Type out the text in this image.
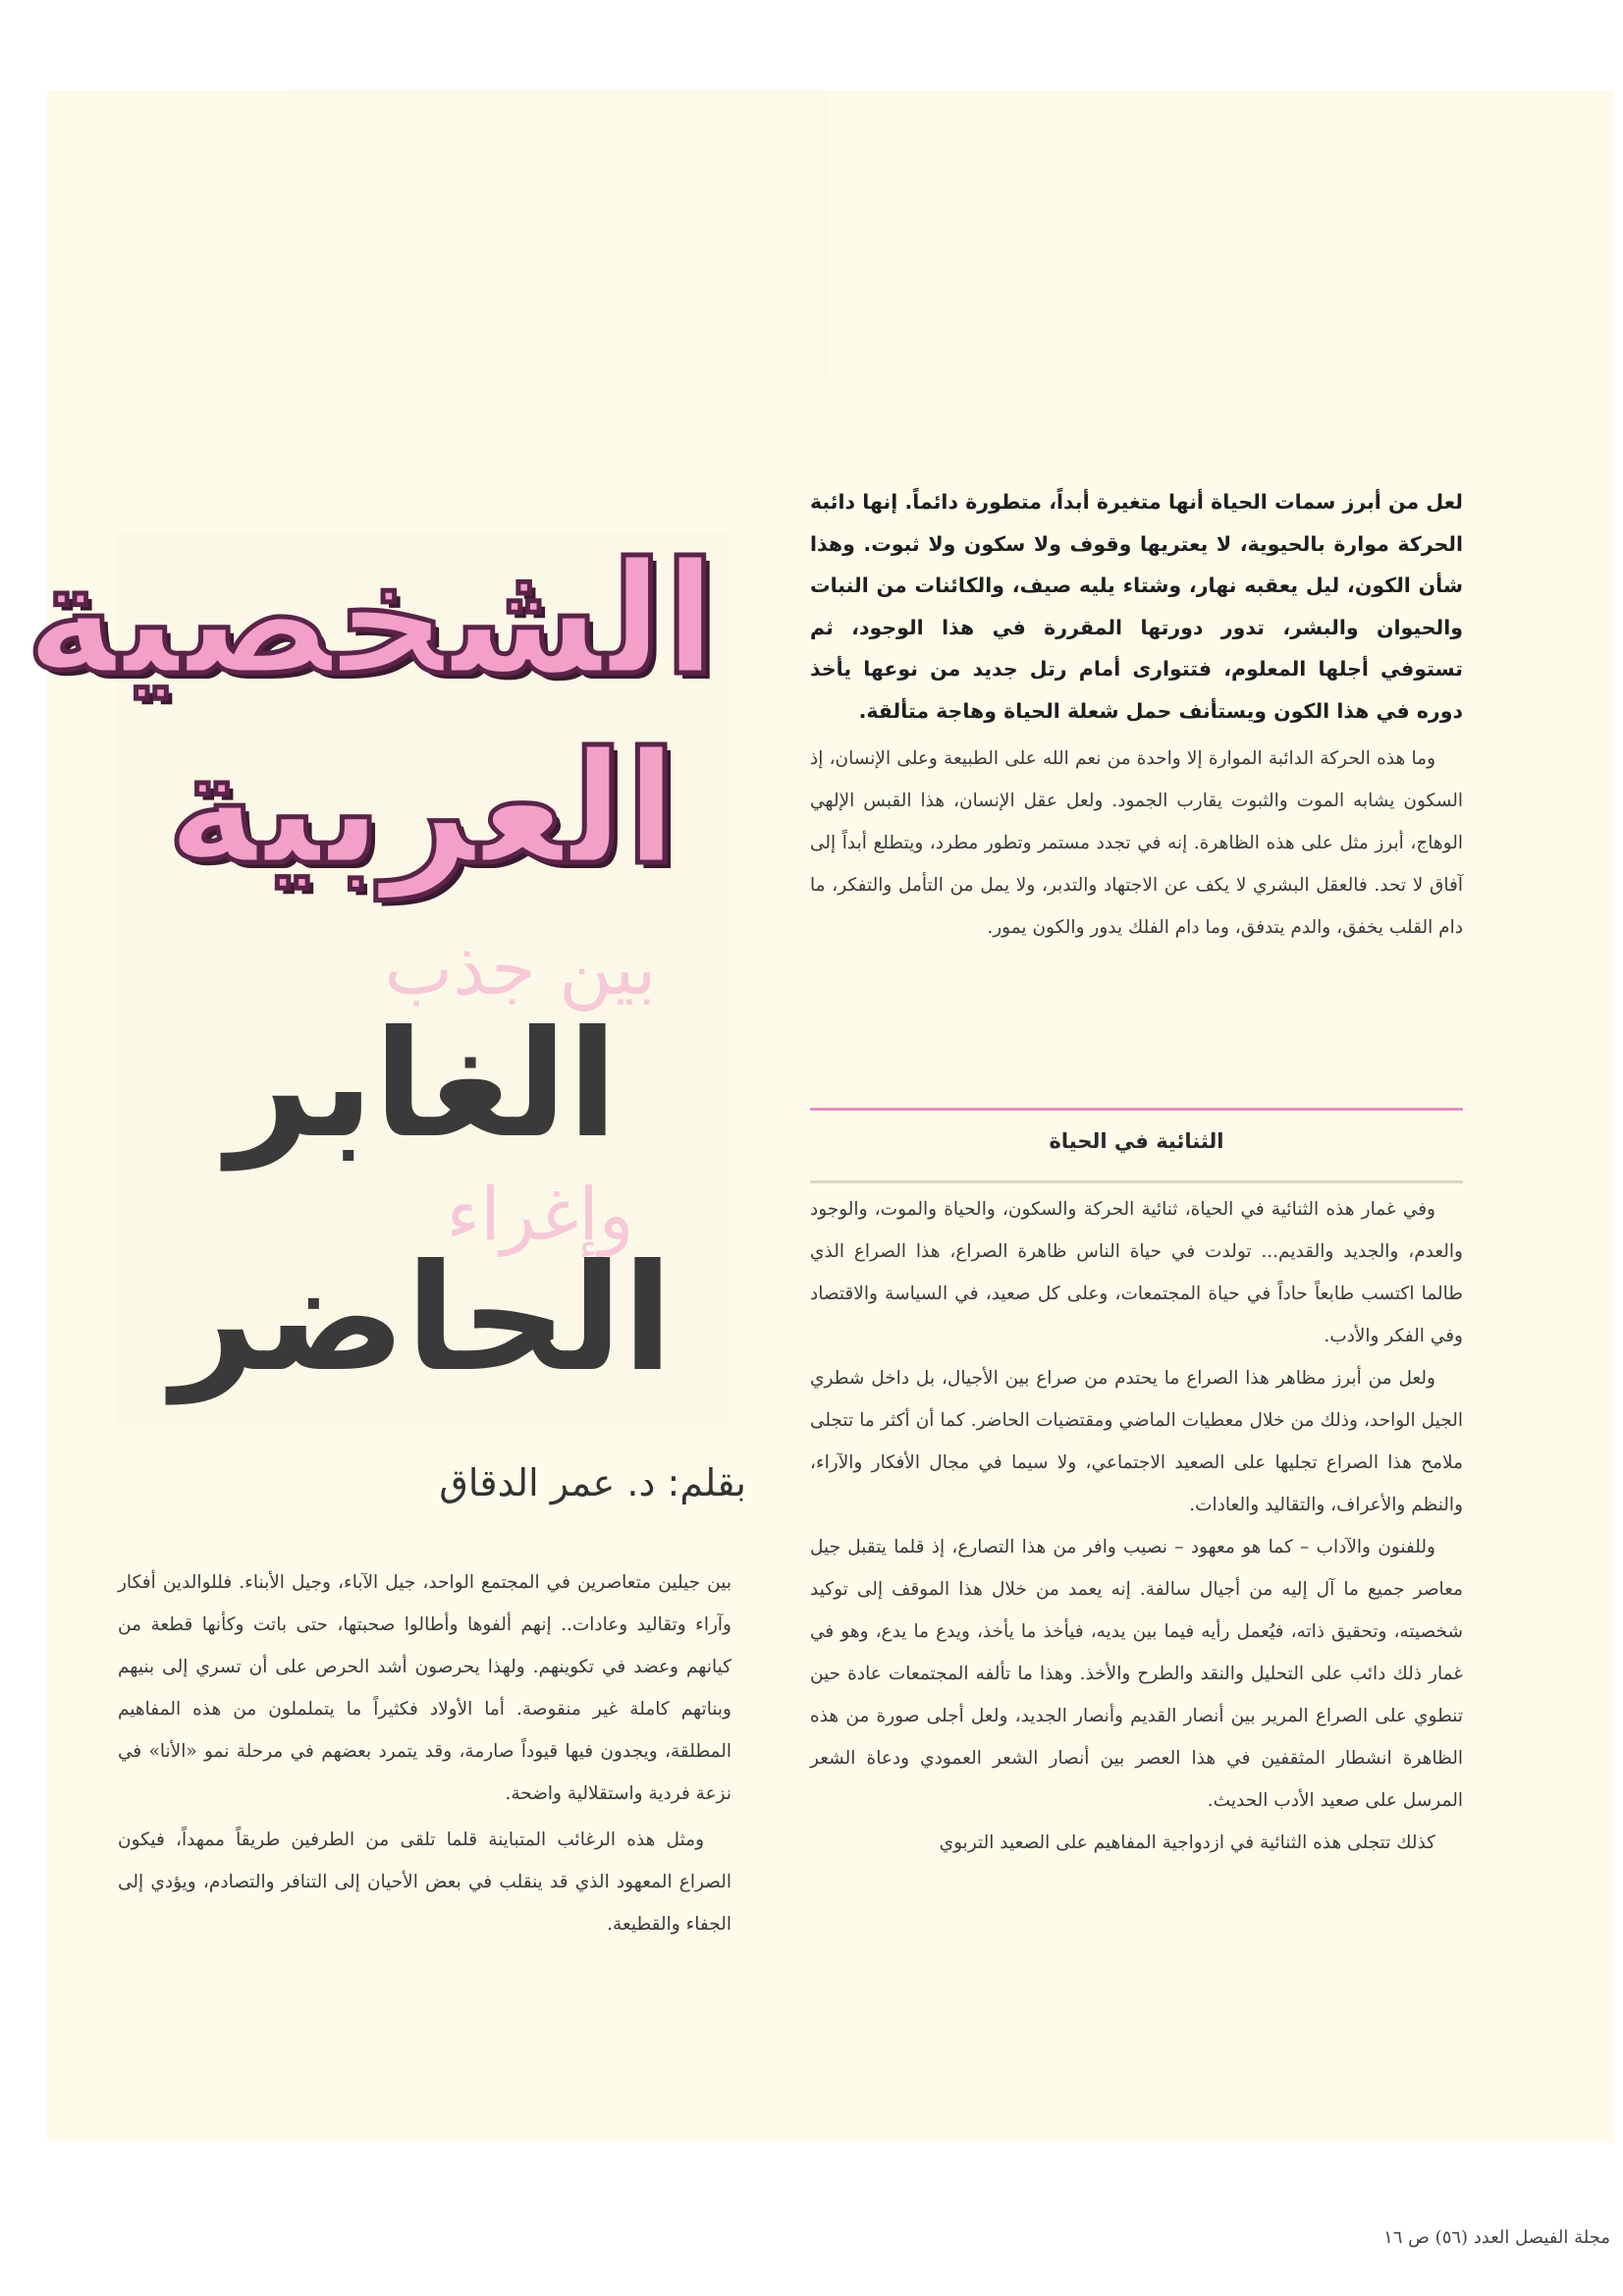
الشخصية
العربية
بين جذب
الغابر
وإغراء
الحاضر
بقلم: د. عمر الدقاق

لعل من أبرز سمات الحياة أنها متغيرة أبداً، متطورة دائماً. إنها دائبة الحركة موارة بالحيوية، لا يعتريها وقوف ولا سكون ولا ثبوت. وهذا شأن الكون، ليل يعقبه نهار، وشتاء يليه صيف، والكائنات من النبات والحيوان والبشر، تدور دورتها المقررة في هذا الوجود، ثم تستوفي أجلها المعلوم، فتتوارى أمام رتل جديد من نوعها يأخذ دوره في هذا الكون ويستأنف حمل شعلة الحياة وهاجة متألقة.

وما هذه الحركة الدائبة الموارة إلا واحدة من نعم الله على الطبيعة وعلى الإنسان، إذ السكون يشابه الموت والثبوت يقارب الجمود. ولعل عقل الإنسان، هذا القبس الإلهي الوهاج، أبرز مثل على هذه الظاهرة. إنه في تجدد مستمر وتطور مطرد، ويتطلع أبداً إلى آفاق لا تحد. فالعقل البشري لا يكف عن الاجتهاد والتدبر، ولا يمل من التأمل والتفكر، ما دام القلب يخفق، والدم يتدفق، وما دام الفلك يدور والكون يمور.

الثنائية في الحياة

وفي غمار هذه الثنائية في الحياة، ثنائية الحركة والسكون، والحياة والموت، والوجود والعدم، والجديد والقديم... تولدت في حياة الناس ظاهرة الصراع، هذا الصراع الذي طالما اكتسب طابعاً حاداً في حياة المجتمعات، وعلى كل صعيد، في السياسة والاقتصاد وفي الفكر والأدب.

ولعل من أبرز مظاهر هذا الصراع ما يحتدم من صراع بين الأجيال، بل داخل شطري الجيل الواحد، وذلك من خلال معطيات الماضي ومقتضيات الحاضر. كما أن أكثر ما تتجلى ملامح هذا الصراع تجليها على الصعيد الاجتماعي، ولا سيما في مجال الأفكار والآراء، والنظم والأعراف، والتقاليد والعادات.

وللفنون والآداب – كما هو معهود – نصيب وافر من هذا التصارع، إذ قلما يتقبل جيل معاصر جميع ما آل إليه من أجيال سالفة. إنه يعمد من خلال هذا الموقف إلى توكيد شخصيته، وتحقيق ذاته، فيُعمل رأيه فيما بين يديه، فيأخذ ما يأخذ، ويدع ما يدع، وهو في غمار ذلك دائب على التحليل والنقد والطرح والأخذ. وهذا ما تألفه المجتمعات عادة حين تنطوي على الصراع المرير بين أنصار القديم وأنصار الجديد، ولعل أجلى صورة من هذه الظاهرة انشطار المثقفين في هذا العصر بين أنصار الشعر العمودي ودعاة الشعر المرسل على صعيد الأدب الحديث.

كذلك تتجلى هذه الثنائية في ازدواجية المفاهيم على الصعيد التربوي

بين جيلين متعاصرين في المجتمع الواحد، جيل الآباء، وجيل الأبناء. فللوالدين أفكار وآراء وتقاليد وعادات.. إنهم ألفوها وأطالوا صحبتها، حتى باتت وكأنها قطعة من كيانهم وعضد في تكوينهم. ولهذا يحرصون أشد الحرص على أن تسري إلى بنيهم وبناتهم كاملة غير منقوصة. أما الأولاد فكثيراً ما يتململون من هذه المفاهيم المطلقة، ويجدون فيها قيوداً صارمة، وقد يتمرد بعضهم في مرحلة نمو «الأنا» في نزعة فردية واستقلالية واضحة.

ومثل هذه الرغائب المتباينة قلما تلقى من الطرفين طريقاً ممهداً، فيكون الصراع المعهود الذي قد ينقلب في بعض الأحيان إلى التنافر والتصادم، ويؤدي إلى الجفاء والقطيعة.

مجلة الفيصل العدد (٥٦) ص ١٦
